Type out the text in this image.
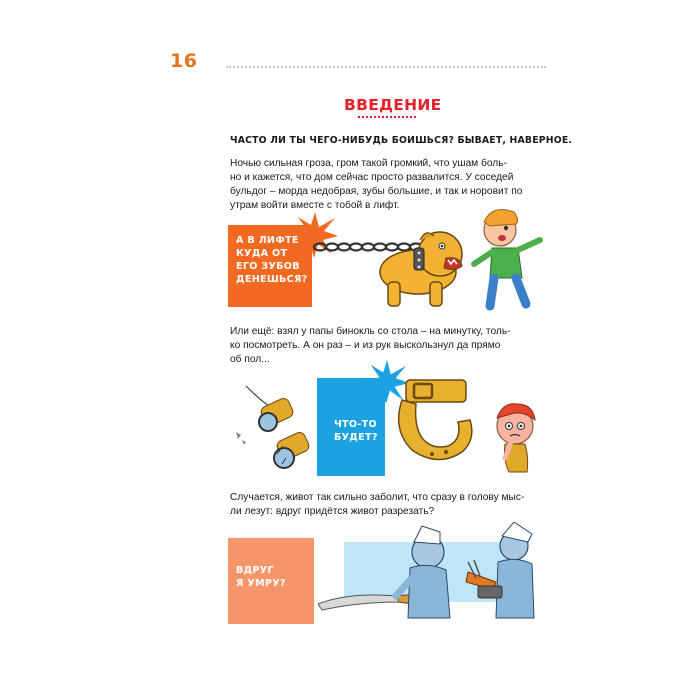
16
ВВЕДЕНИЕ
ЧАСТО ЛИ ТЫ ЧЕГО-НИБУДЬ БОИШЬСЯ? БЫВАЕТ, НАВЕРНОЕ.
Ночью сильная гроза, гром такой громкий, что ушам боль-
но и кажется, что дом сейчас просто развалится. У соседей
бульдог – морда недобрая, зубы большие, и так и норовит по
утрам войти вместе с тобой в лифт.
А В ЛИФТЕ
КУДА ОТ
ЕГО ЗУБОВ
ДЕНЕШЬСЯ?
Или ещё: взял у папы бинокль со стола – на минутку, толь-
ко посмотреть. А он раз – и из рук выскользнул да прямо
об пол...
ЧТО-ТО
БУДЕТ?
Случается, живот так сильно заболит, что сразу в голову мыс-
ли лезут: вдруг придётся живот разрезать?
ВДРУГ
Я УМРУ?
